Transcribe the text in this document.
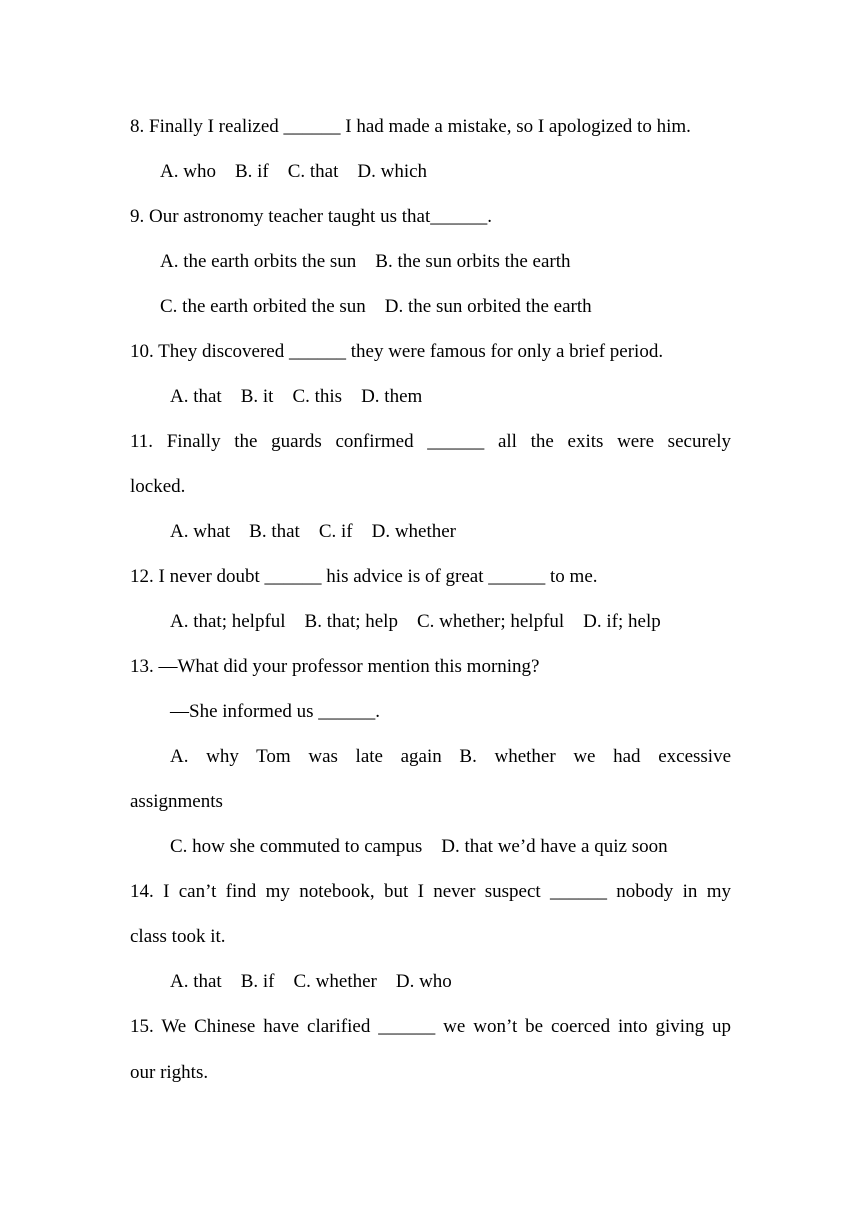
8. Finally I realized ______ I had made a mistake, so I apologized to him.
A. who    B. if    C. that    D. which
9. Our astronomy teacher taught us that______.
A. the earth orbits the sun    B. the sun orbits the earth
C. the earth orbited the sun    D. the sun orbited the earth
10. They discovered ______ they were famous for only a brief period.
A. that    B. it    C. this    D. them
11. Finally the guards confirmed ______ all the exits were securely
locked.
A. what    B. that    C. if    D. whether
12. I never doubt ______ his advice is of great ______ to me.
A. that; helpful    B. that; help    C. whether; helpful    D. if; help
13. —What did your professor mention this morning?
—She informed us ______.
A. why Tom was late again B. whether we had excessive
assignments
C. how she commuted to campus    D. that we’d have a quiz soon
14. I can’t find my notebook, but I never suspect ______ nobody in my
class took it.
A. that    B. if    C. whether    D. who
15. We Chinese have clarified ______ we won’t be coerced into giving up
our rights.
